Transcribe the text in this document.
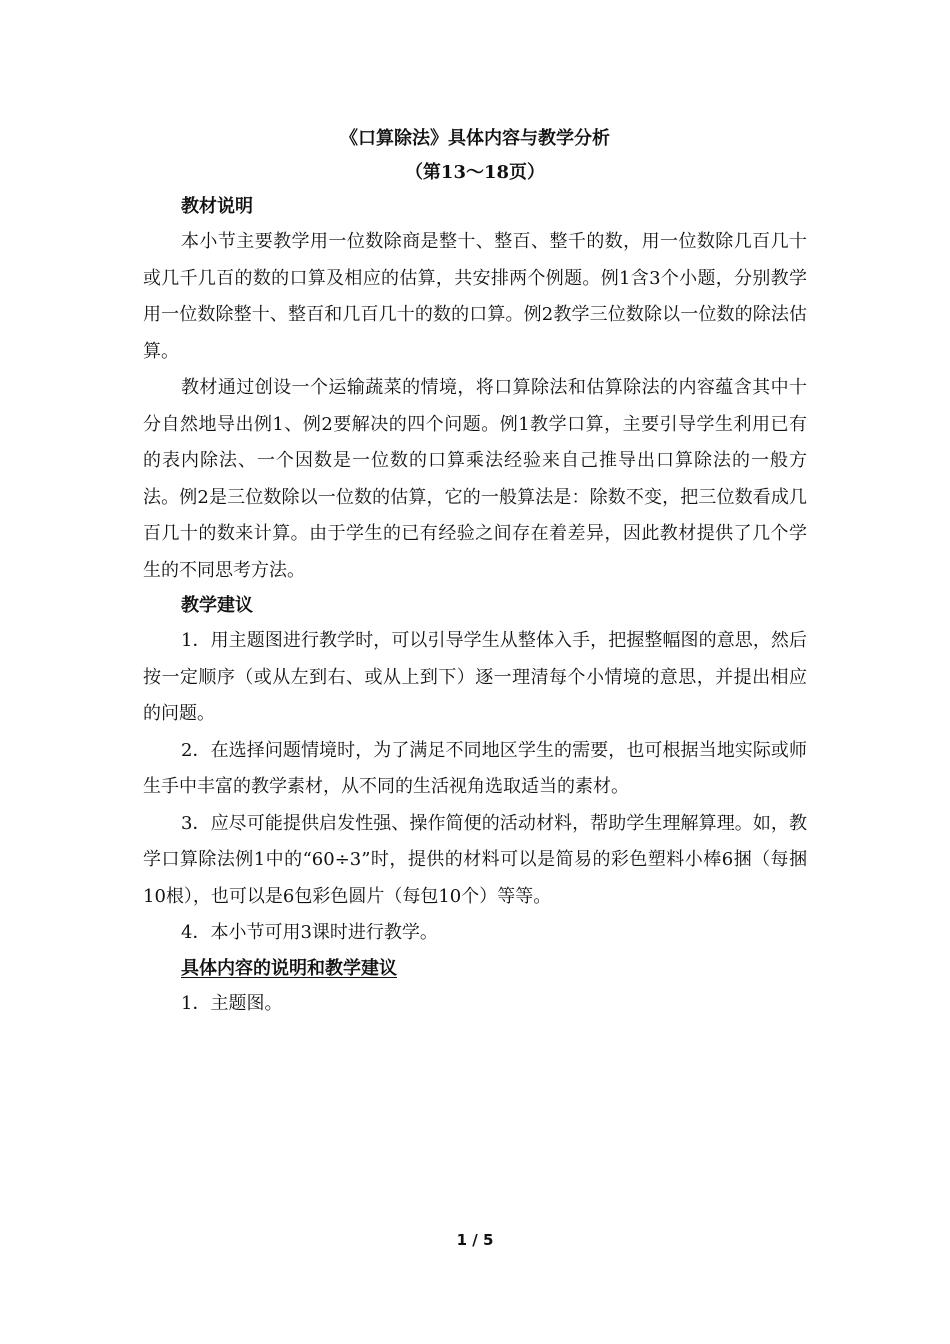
《口算除法》具体内容与教学分析
（第13～18页）
教材说明

本小节主要教学用一位数除商是整十、整百、整千的数，用一位数除几百几十或几千几百的数的口算及相应的估算，共安排两个例题。例1含3个小题，分别教学用一位数除整十、整百和几百几十的数的口算。例2教学三位数除以一位数的除法估算。

教材通过创设一个运输蔬菜的情境，将口算除法和估算除法的内容蕴含其中十分自然地导出例1、例2要解决的四个问题。例1教学口算，主要引导学生利用已有的表内除法、一个因数是一位数的口算乘法经验来自己推导出口算除法的一般方法。例2是三位数除以一位数的估算，它的一般算法是：除数不变，把三位数看成几百几十的数来计算。由于学生的已有经验之间存在着差异，因此教材提供了几个学生的不同思考方法。

教学建议

1．用主题图进行教学时，可以引导学生从整体入手，把握整幅图的意思，然后按一定顺序（或从左到右、或从上到下）逐一理清每个小情境的意思，并提出相应的问题。

2．在选择问题情境时，为了满足不同地区学生的需要，也可根据当地实际或师生手中丰富的教学素材，从不同的生活视角选取适当的素材。

3．应尽可能提供启发性强、操作简便的活动材料，帮助学生理解算理。如，教学口算除法例1中的“60÷3”时，提供的材料可以是简易的彩色塑料小棒6捆（每捆10根），也可以是6包彩色圆片（每包10个）等等。

4．本小节可用3课时进行教学。

具体内容的说明和教学建议

1．主题图。

1 / 5
